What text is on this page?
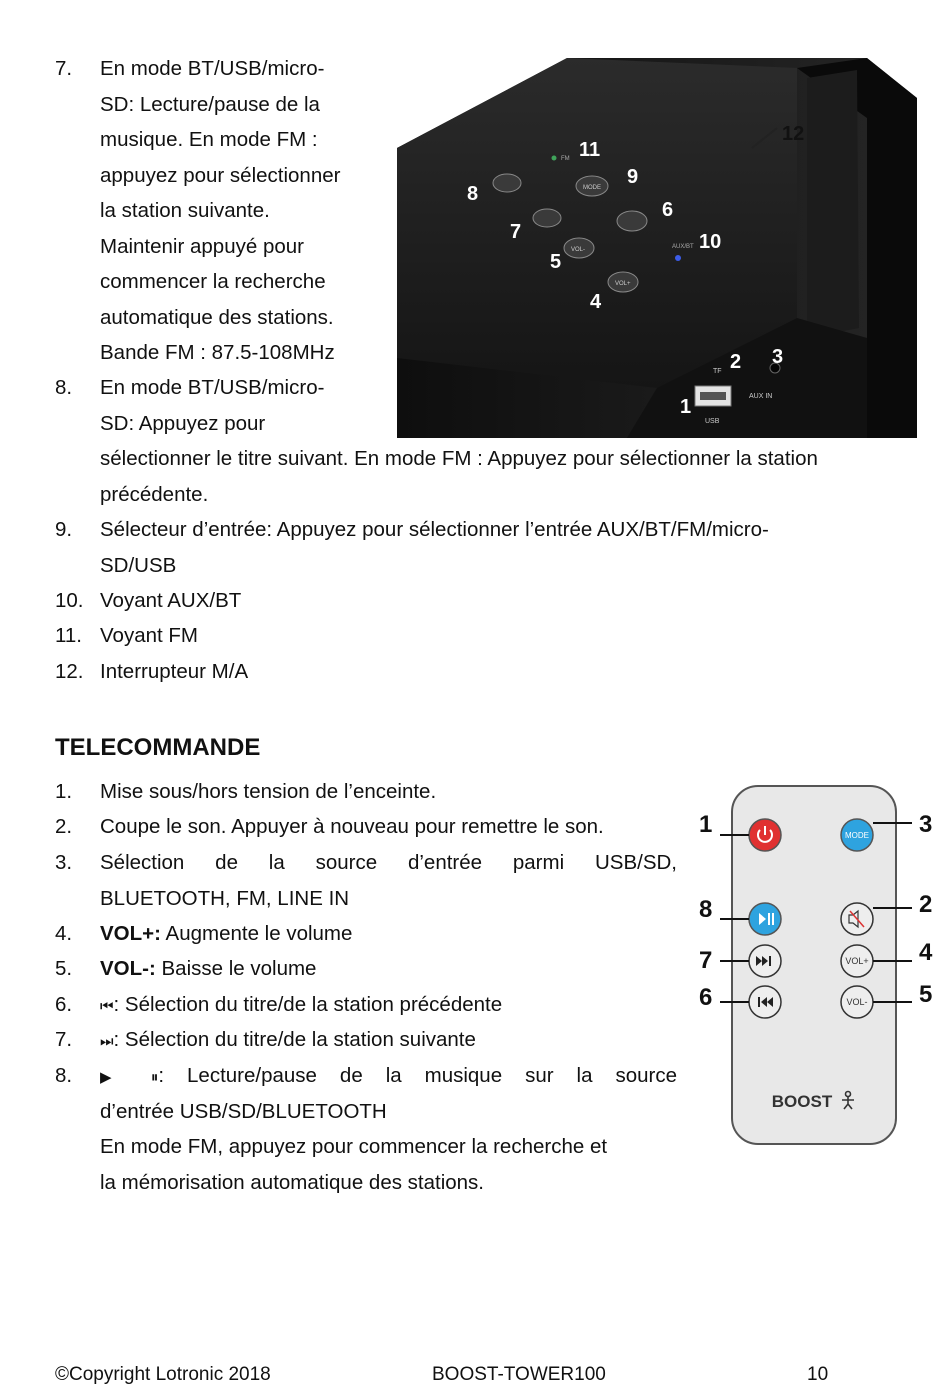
7.	En mode BT/USB/micro-
SD: Lecture/pause de la
musique. En mode FM :
appuyez pour sélectionner
la station suivante.
Maintenir appuyé pour
commencer la recherche
automatique des stations.
Bande FM : 87.5-108MHz
8.	En mode BT/USB/micro-
SD: Appuyez pour
sélectionner le titre suivant. En mode FM : Appuyez pour sélectionner la station
précédente.
9.	Sélecteur d’entrée: Appuyez pour sélectionner l’entrée AUX/BT/FM/micro-
SD/USB
10. Voyant AUX/BT
11. Voyant FM
12. Interrupteur M/A
MODE
VOL-
VOL+
FM
AUX/BT
TF
USB
AUX IN
1
2 3
4
5
6
7
8
9
10
11
12
TELECOMMANDE
1.	Mise sous/hors tension de l’enceinte.
2.	Coupe le son. Appuyer à nouveau pour remettre le son.
3.	Sélection de la source d’entrée parmi USB/SD,
BLUETOOTH, FM, LINE IN
4.	VOL+: Augmente le volume
5.	VOL-: Baisse le volume
6.	⏮: Sélection du titre/de la station précédente
7.	⏭: Sélection du titre/de la station suivante
8.	▶ ⏸: Lecture/pause de la musique sur la source
d’entrée USB/SD/BLUETOOTH
En mode FM, appuyez pour commencer la recherche et
la mémorisation automatique des stations.
MODE
VOL+
VOL-
BOOST
1	3
8	2
7	4
6	5
©Copyright Lotronic 2018	BOOST-TOWER100	10
